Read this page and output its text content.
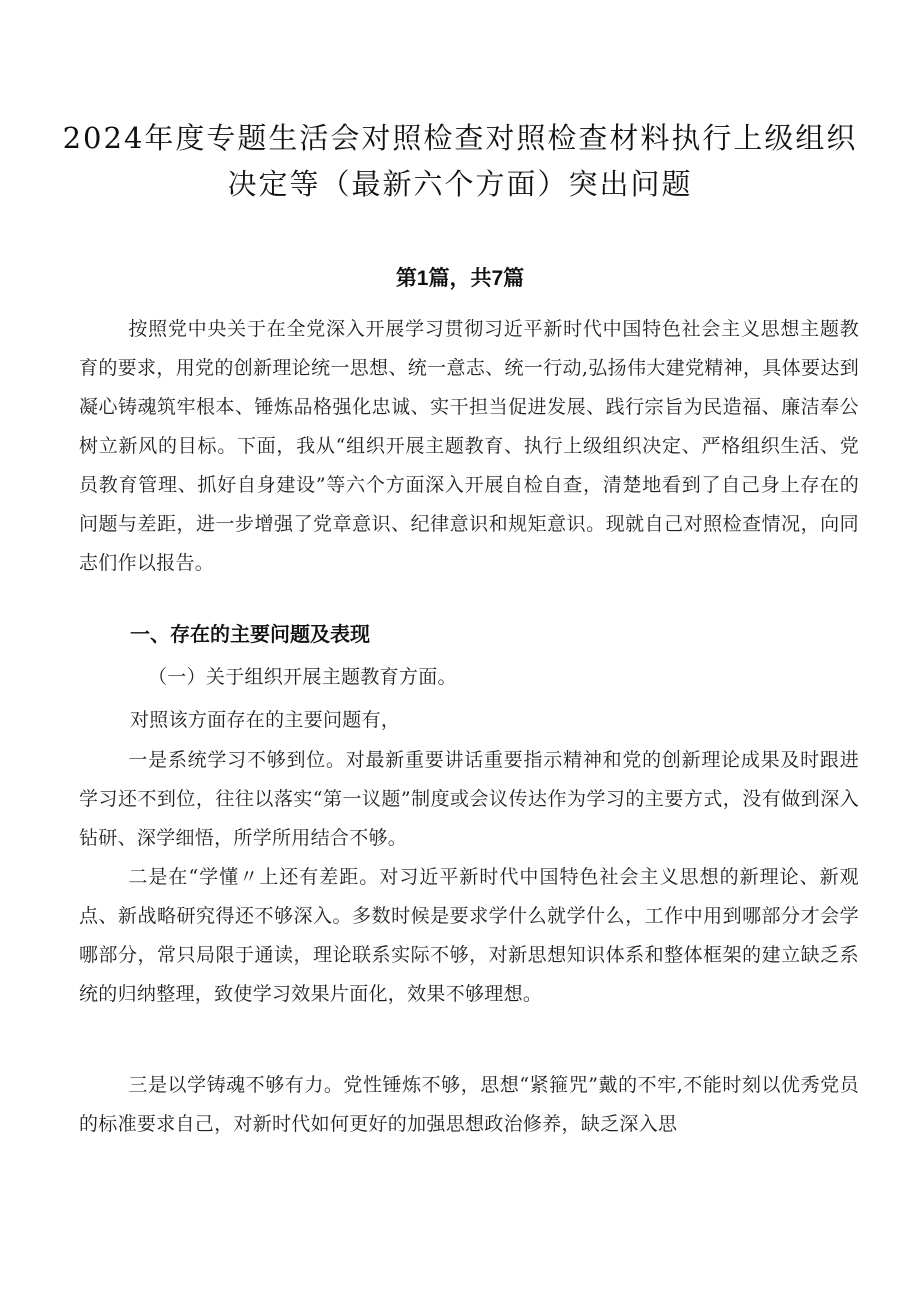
2024年度专题生活会对照检查对照检查材料执行上级组织
决定等（最新六个方面）突出问题
第1篇，共7篇

按照党中央关于在全党深入开展学习贯彻习近平新时代中国特色社会主义思想主题教育的要求，用党的创新理论统一思想、统一意志、统一行动,弘扬伟大建党精神，具体要达到凝心铸魂筑牢根本、锤炼品格强化忠诚、实干担当促进发展、践行宗旨为民造福、廉洁奉公树立新风的目标。下面，我从“组织开展主题教育、执行上级组织决定、严格组织生活、党员教育管理、抓好自身建设”等六个方面深入开展自检自查，清楚地看到了自己身上存在的问题与差距，进一步增强了党章意识、纪律意识和规矩意识。现就自己对照检查情况，向同志们作以报告。

一、存在的主要问题及表现
（一）关于组织开展主题教育方面。
对照该方面存在的主要问题有，

一是系统学习不够到位。对最新重要讲话重要指示精神和党的创新理论成果及时跟进学习还不到位，往往以落实“第一议题”制度或会议传达作为学习的主要方式，没有做到深入钻研、深学细悟，所学所用结合不够。

二是在“学懂〃上还有差距。对习近平新时代中国特色社会主义思想的新理论、新观点、新战略研究得还不够深入。多数时候是要求学什么就学什么，工作中用到哪部分才会学哪部分，常只局限于通读，理论联系实际不够，对新思想知识体系和整体框架的建立缺乏系统的归纳整理，致使学习效果片面化，效果不够理想。

三是以学铸魂不够有力。党性锤炼不够，思想“紧箍咒”戴的不牢,不能时刻以优秀党员的标准要求自己，对新时代如何更好的加强思想政治修养，缺乏深入思
